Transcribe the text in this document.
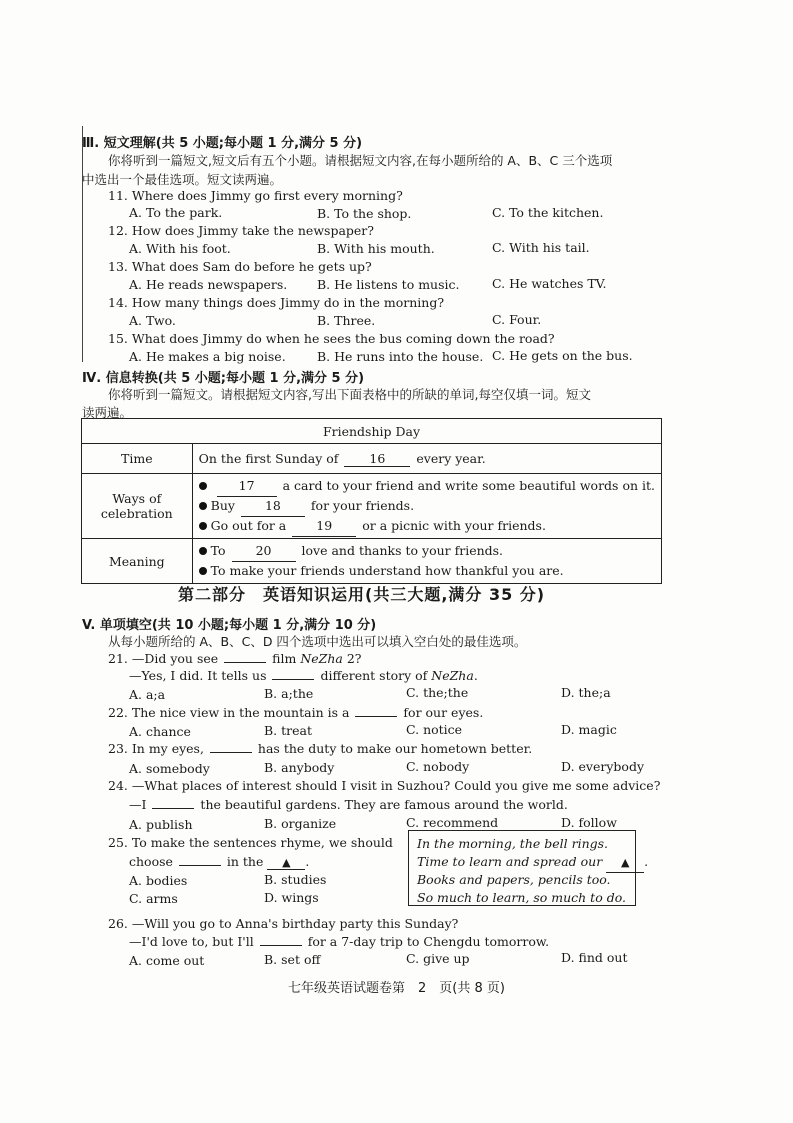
Ⅲ. 短文理解(共 5 小题;每小题 1 分,满分 5 分)
你将听到一篇短文,短文后有五个小题。请根据短文内容,在每小题所给的 A、B、C 三个选项
中选出一个最佳选项。短文读两遍。
11. Where does Jimmy go first every morning?
A. To the park.	B. To the shop.	C. To the kitchen.
12. How does Jimmy take the newspaper?
A. With his foot.	B. With his mouth.	C. With his tail.
13. What does Sam do before he gets up?
A. He reads newspapers. B. He listens to music.	C. He watches TV.
14. How many things does Jimmy do in the morning?
A. Two.	B. Three.	C. Four.
15. What does Jimmy do when he sees the bus coming down the road?
A. He makes a big noise.	B. He runs into the house. C. He gets on the bus.
Ⅳ. 信息转换(共 5 小题;每小题 1 分,满分 5 分)
你将听到一篇短文。请根据短文内容,写出下面表格中的所缺的单词,每空仅填一词。短文
读两遍。
Friendship Day	
Time	On the first Sunday of 16 every year.
Ways of celebration	17 a card to your friend and write some beautiful words on it.
Buy 18 for your friends.
Go out for a 19 or a picnic with your friends.

Meaning	To 20 love and thanks to your friends.
To make your friends understand how thankful you are.
第二部分　英语知识运用(共三大题,满分 35 分)
V. 单项填空(共 10 小题;每小题 1 分,满分 10 分)
从每小题所给的 A、B、C、D 四个选项中选出可以填入空白处的最佳选项。
21. —Did you see	film NeZha 2?
—Yes, I did. It tells us	different story of NeZha.
A. a;a	B. a;the	C. the;the	D. the;a
22. The nice view in the mountain is a	for our eyes.
A. chance	B. treat	C. notice	D. magic
23. In my eyes,	has the duty to make our hometown better.
A. somebody	B. anybody	C. nobody	D. everybody
24. —What places of interest should I visit in Suzhou? Could you give me some advice?
—I	the beautiful gardens. They are famous around the world.
A. publish	B. organize	C. recommend	D. follow
25. To make the sentences rhyme, we should
choose	in the ▲ .
A. bodies	B. studies
C. arms	D. wings
In the morning, the bell rings.
Time to learn and spread our ▲ .
Books and papers, pencils too.
So much to learn, so much to do.
26. —Will you go to Anna's birthday party this Sunday?
—I'd love to, but I'll	for a 7-day trip to Chengdu tomorrow.
A. come out	B. set off	C. give up	D. find out
七年级英语试题卷第　2　页(共 8 页)
